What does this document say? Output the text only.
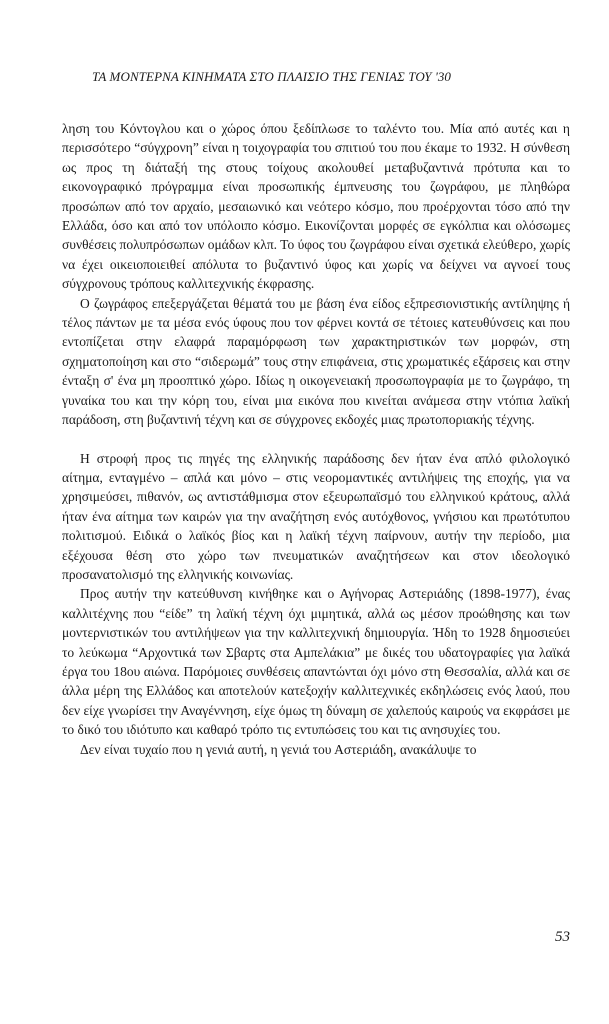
ΤΑ ΜΟΝΤΕΡΝΑ ΚΙΝΗΜΑΤΑ ΣΤΟ ΠΛΑΙΣΙΟ ΤΗΣ ΓΕΝΙΑΣ ΤΟΥ '30

ληση του Κόντογλου και ο χώρος όπου ξεδίπλωσε το ταλέντο του. Μία από αυτές και η περισσότερο “σύγχρονη” είναι η τοιχογραφία του σπιτιού του που έκαμε το 1932. Η σύνθεση ως προς τη διάταξή της στους τοίχους ακολουθεί μεταβυζαντινά πρότυπα και το εικονογραφικό πρόγραμμα είναι προσωπικής έμπνευσης του ζωγράφου, με πληθώρα προσώπων από τον αρχαίο, μεσαιωνικό και νεότερο κόσμο, που προέρχονται τόσο από την Ελλάδα, όσο και από τον υπόλοιπο κόσμο. Εικονίζονται μορφές σε εγκόλπια και ολόσωμες συνθέσεις πολυπρόσωπων ομάδων κλπ. Το ύφος του ζωγράφου είναι σχετικά ελεύθερο, χωρίς να έχει οικειοποιειθεί απόλυτα το βυζαντινό ύφος και χωρίς να δείχνει να αγνοεί τους σύγχρονους τρόπους καλλιτεχνικής έκφρασης.

Ο ζωγράφος επεξεργάζεται θέματά του με βάση ένα είδος εξπρεσιονιστικής αντίληψης ή τέλος πάντων με τα μέσα ενός ύφους που τον φέρνει κοντά σε τέτοιες κατευθύνσεις και που εντοπίζεται στην ελαφρά παραμόρφωση των χαρακτηριστικών των μορφών, στη σχηματοποίηση και στο “σιδερωμά” τους στην επιφάνεια, στις χρωματικές εξάρσεις και στην ένταξη σ' ένα μη προοπτικό χώρο. Ιδίως η οικογενειακή προσωπογραφία με το ζωγράφο, τη γυναίκα του και την κόρη του, είναι μια εικόνα που κινείται ανάμεσα στην ντόπια λαϊκή παράδοση, στη βυζαντινή τέχνη και σε σύγχρονες εκδοχές μιας πρωτοποριακής τέχνης.

Η στροφή προς τις πηγές της ελληνικής παράδοσης δεν ήταν ένα απλό φιλολογικό αίτημα, ενταγμένο – απλά και μόνο – στις νεορομαντικές αντιλήψεις της εποχής, για να χρησιμεύσει, πιθανόν, ως αντιστάθμισμα στον εξευρωπαϊσμό του ελληνικού κράτους, αλλά ήταν ένα αίτημα των καιρών για την αναζήτηση ενός αυτόχθονος, γνήσιου και πρωτότυπου πολιτισμού. Ειδικά ο λαϊκός βίος και η λαϊκή τέχνη παίρνουν, αυτήν την περίοδο, μια εξέχουσα θέση στο χώρο των πνευματικών αναζητήσεων και στον ιδεολογικό προσανατολισμό της ελληνικής κοινωνίας.

Προς αυτήν την κατεύθυνση κινήθηκε και ο Αγήνορας Αστεριάδης (1898-1977), ένας καλλιτέχνης που “είδε” τη λαϊκή τέχνη όχι μιμητικά, αλλά ως μέσον προώθησης και των μοντερνιστικών του αντιλήψεων για την καλλιτεχνική δημιουργία. Ήδη το 1928 δημοσιεύει το λεύκωμα “Αρχοντικά των Σβαρτς στα Αμπελάκια” με δικές του υδατογραφίες για λαϊκά έργα του 18ου αιώνα. Παρόμοιες συνθέσεις απαντώνται όχι μόνο στη Θεσσαλία, αλλά και σε άλλα μέρη της Ελλάδος και αποτελούν κατεξοχήν καλλιτεχνικές εκδηλώσεις ενός λαού, που δεν είχε γνωρίσει την Αναγέννηση, είχε όμως τη δύναμη σε χαλεπούς καιρούς να εκφράσει με το δικό του ιδιότυπο και καθαρό τρόπο τις εντυπώσεις του και τις ανησυχίες του.

Δεν είναι τυχαίο που η γενιά αυτή, η γενιά του Αστεριάδη, ανακάλυψε το

53
